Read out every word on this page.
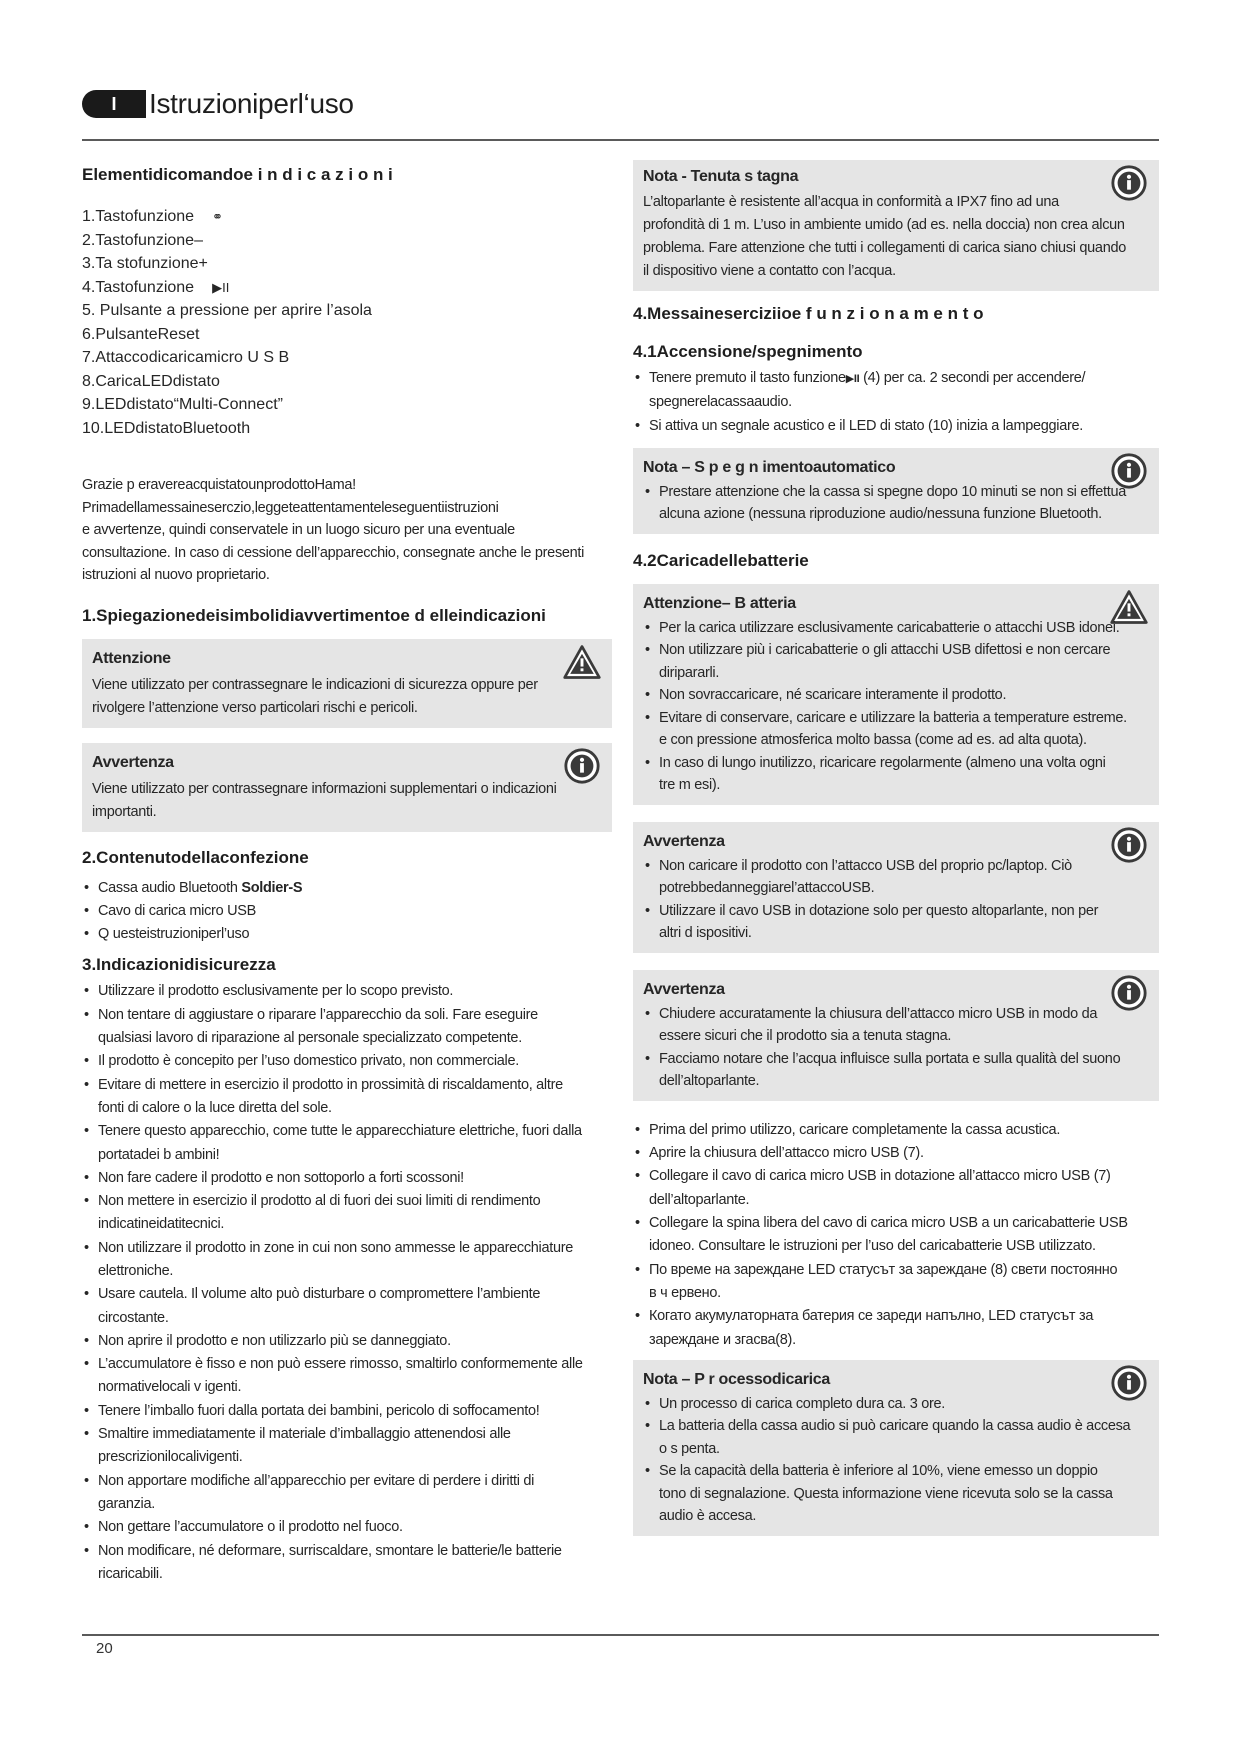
I	Istruzioniperl‘uso

Elementidicomandoe i n d i c a z i o n i

1.Tastofunzione ⚭
2.Tastofunzione–
3.Ta stofunzione+
4.Tastofunzione ▶II
5. Pulsante a pressione per aprire l’asola
6.PulsanteReset
7.Attaccodicaricamicro U S B
8.CaricaLEDdistato
9.LEDdistato“Multi-Connect”
10.LEDdistatoBluetooth

Grazie p eravereacquistatounprodottoHama!

Primadellamessaineserczio,leggeteattentamenteleseguentiistruzioni

e avvertenze, quindi conservatele in un luogo sicuro per una eventuale

consultazione. In caso di cessione dell’apparecchio, consegnate anche le presenti

istruzioni al nuovo proprietario.

1.Spiegazionedeisimbolidiavvertimentoe d elleindicazioni

Attenzione

Viene utilizzato per contrassegnare le indicazioni di sicurezza oppure per

rivolgere l’attenzione verso particolari rischi e pericoli.

Avvertenza

Viene utilizzato per contrassegnare informazioni supplementari o indicazioni

importanti.

2.Contenutodellaconfezione

• Cassa audio Bluetooth Soldier-S
• Cavo di carica micro USB
• Q uesteistruzioniperl’uso

3.Indicazionidisicurezza

• Utilizzare il prodotto esclusivamente per lo scopo previsto.
• Non tentare di aggiustare o riparare l’apparecchio da soli. Fare eseguire
qualsiasi lavoro di riparazione al personale specializzato competente.
• Il prodotto è concepito per l’uso domestico privato, non commerciale.
• Evitare di mettere in esercizio il prodotto in prossimità di riscaldamento, altre
fonti di calore o la luce diretta del sole.
• Tenere questo apparecchio, come tutte le apparecchiature elettriche, fuori dalla
portatadei b ambini!
• Non fare cadere il prodotto e non sottoporlo a forti scossoni!
• Non mettere in esercizio il prodotto al di fuori dei suoi limiti di rendimento
indicatineidatitecnici.
• Non utilizzare il prodotto in zone in cui non sono ammesse le apparecchiature
elettroniche.
• Usare cautela. Il volume alto può disturbare o compromettere l’ambiente
circostante.
• Non aprire il prodotto e non utilizzarlo più se danneggiato.
• L’accumulatore è fisso e non può essere rimosso, smaltirlo conformemente alle
normativelocali v igenti.
• Tenere l’imballo fuori dalla portata dei bambini, pericolo di soffocamento!
• Smaltire immediatamente il materiale d’imballaggio attenendosi alle
prescrizionilocalivigenti.
• Non apportare modifiche all’apparecchio per evitare di perdere i diritti di
garanzia.
• Non gettare l’accumulatore o il prodotto nel fuoco.
• Non modificare, né deformare, surriscaldare, smontare le batterie/le batterie
ricaricabili.

Nota - Tenuta s tagna

L’altoparlante è resistente all’acqua in conformità a IPX7 fino ad una

profondità di 1 m. L’uso in ambiente umido (ad es. nella doccia) non crea alcun

problema. Fare attenzione che tutti i collegamenti di carica siano chiusi quando

il dispositivo viene a contatto con l’acqua.

4.Messaineserciziioe f u n z i o n a m e n t o

4.1Accensione/spegnimento

• Tenere premuto il tasto funzione▶II (4) per ca. 2 secondi per accendere/
spegnerelacassaaudio.
• Si attiva un segnale acustico e il LED di stato (10) inizia a lampeggiare.

Nota – S p e g n imentoautomatico

• Prestare attenzione che la cassa si spegne dopo 10 minuti se non si effettua
alcuna azione (nessuna riproduzione audio/nessuna funzione Bluetooth.

4.2Caricadellebatterie

Attenzione– B atteria

• Per la carica utilizzare esclusivamente caricabatterie o attacchi USB idonei.
• Non utilizzare più i caricabatterie o gli attacchi USB difettosi e non cercare
diripararli.
• Non sovraccaricare, né scaricare interamente il prodotto.
• Evitare di conservare, caricare e utilizzare la batteria a temperature estreme.
e con pressione atmosferica molto bassa (come ad es. ad alta quota).
• In caso di lungo inutilizzo, ricaricare regolarmente (almeno una volta ogni
tre m esi).

Avvertenza

• Non caricare il prodotto con l’attacco USB del proprio pc/laptop. Ciò
potrebbedanneggiarel’attaccoUSB.
• Utilizzare il cavo USB in dotazione solo per questo altoparlante, non per
altri d ispositivi.

Avvertenza

• Chiudere accuratamente la chiusura dell’attacco micro USB in modo da
essere sicuri che il prodotto sia a tenuta stagna.
• Facciamo notare che l’acqua influisce sulla portata e sulla qualità del suono
dell’altoparlante.
• Prima del primo utilizzo, caricare completamente la cassa acustica.
• Aprire la chiusura dell’attacco micro USB (7).
• Collegare il cavo di carica micro USB in dotazione all’attacco micro USB (7)
dell’altoparlante.
• Collegare la spina libera del cavo di carica micro USB a un caricabatterie USB
idoneo. Consultare le istruzioni per l’uso del caricabatterie USB utilizzato.
• По време на зареждане LED статусът за зареждане (8) свети постоянно
в ч ервено.
• Когато акумулаторната батерия се зареди напълно, LED статусът за
зареждане и згасва(8).

Nota – P r ocessodicarica

• Un processo di carica completo dura ca. 3 ore.
• La batteria della cassa audio si può caricare quando la cassa audio è accesa
o s penta.
• Se la capacità della batteria è inferiore al 10%, viene emesso un doppio
tono di segnalazione. Questa informazione viene ricevuta solo se la cassa
audio è accesa.
20
